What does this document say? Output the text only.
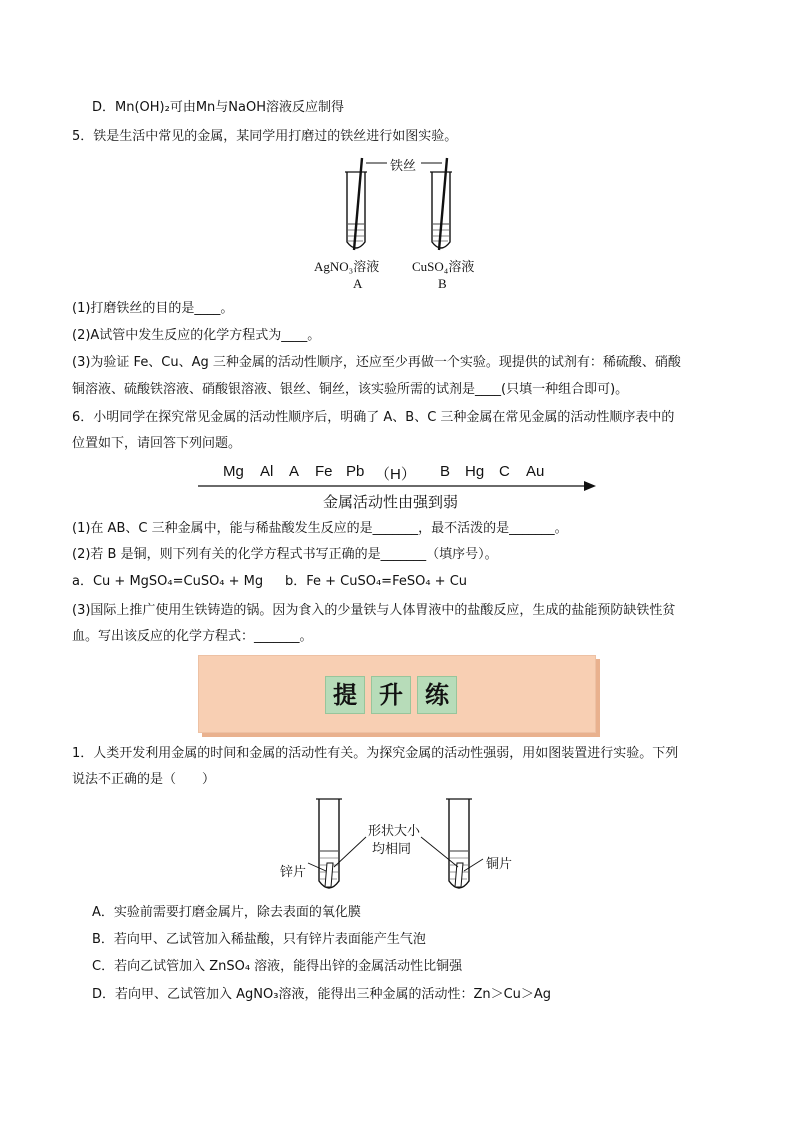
D．Mn(OH)₂可由Mn与NaOH溶液反应制得
5．铁是生活中常见的金属，某同学用打磨过的铁丝进行如图实验。
铁丝
AgNO₃溶液
A
CuSO₄溶液
B
(1)打磨铁丝的目的是____。
(2)A试管中发生反应的化学方程式为____。
(3)为验证 Fe、Cu、Ag 三种金属的活动性顺序，还应至少再做一个实验。现提供的试剂有：稀硫酸、硝酸
铜溶液、硫酸铁溶液、硝酸银溶液、银丝、铜丝，该实验所需的试剂是____(只填一种组合即可)。
6．小明同学在探究常见金属的活动性顺序后，明确了 A、B、C 三种金属在常见金属的活动性顺序表中的
位置如下，请回答下列问题。
Mg Al A Fe Pb （H） B Hg C Au
金属活动性由强到弱
(1)在 AB、C 三种金属中，能与稀盐酸发生反应的是_______，最不活泼的是_______。
(2)若 B 是铜，则下列有关的化学方程式书写正确的是_______（填序号）。
a．Cu + MgSO₄=CuSO₄ + Mg b．Fe + CuSO₄=FeSO₄ + Cu
(3)国际上推广使用生铁铸造的锅。因为食入的少量铁与人体胃液中的盐酸反应，生成的盐能预防缺铁性贫
血。写出该反应的化学方程式：_______。
提 升 练
1．人类开发利用金属的时间和金属的活动性有关。为探究金属的活动性强弱，用如图装置进行实验。下列
说法不正确的是（　　）
形状大小
均相同
锌片
铜片
A．实验前需要打磨金属片，除去表面的氧化膜
B．若向甲、乙试管加入稀盐酸，只有锌片表面能产生气泡
C．若向乙试管加入 ZnSO₄ 溶液，能得出锌的金属活动性比铜强
D．若向甲、乙试管加入 AgNO₃溶液，能得出三种金属的活动性：Zn＞Cu＞Ag
